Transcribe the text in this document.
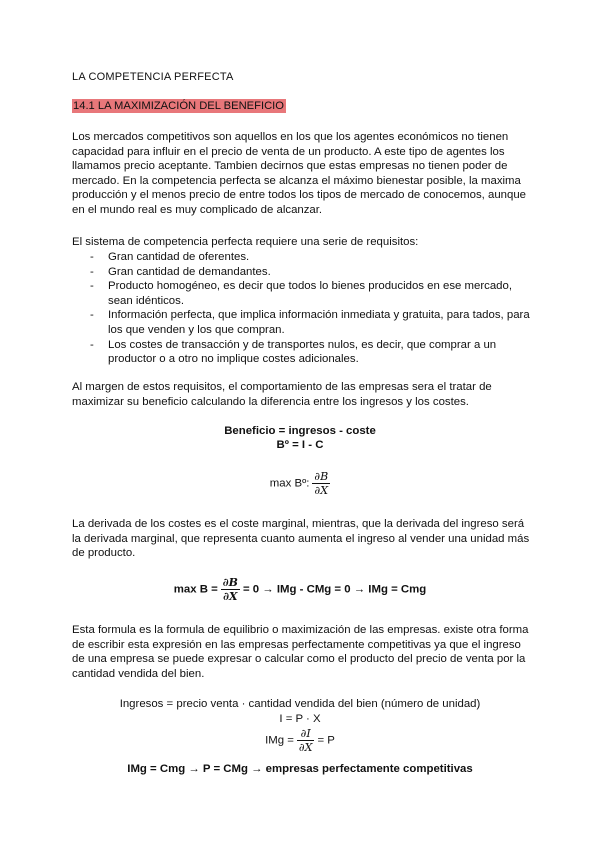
LA COMPETENCIA PERFECTA
14.1 LA MAXIMIZACIÓN DEL BENEFICIO
Los mercados competitivos son aquellos en los que los agentes económicos no tienen capacidad para influir en el precio de venta de un producto. A este tipo de agentes los llamamos precio aceptante. Tambien decirnos que estas empresas no tienen poder de mercado. En la competencia perfecta se alcanza el máximo bienestar posible, la maxima producción y el menos precio de entre todos los tipos de mercado de conocemos, aunque en el mundo real es muy complicado de alcanzar.
El sistema de competencia perfecta requiere una serie de requisitos:
- Gran cantidad de oferentes.
- Gran cantidad de demandantes.
- Producto homogéneo, es decir que todos lo bienes producidos en ese mercado, sean idénticos.
- Información perfecta, que implica información inmediata y gratuita, para tados, para los que venden y los que compran.
- Los costes de transacción y de transportes nulos, es decir, que comprar a un productor o a otro no implique costes adicionales.
Al margen de estos requisitos, el comportamiento de las empresas sera el tratar de maximizar su beneficio calculando la diferencia entre los ingresos y los costes.
Beneficio = ingresos - coste
Bº = I - C
max Bº: $\frac{\partial B}{\partial X}$
La derivada de los costes es el coste marginal, mientras, que la derivada del ingreso será la derivada marginal, que representa cuanto aumenta el ingreso al vender una unidad más de producto.
$\max B = \frac{\partial B}{\partial X} = 0$ → IMg - CMg = 0 → IMg = Cmg
Esta formula es la formula de equilibrio o maximización de las empresas. existe otra forma de escribir esta expresión en las empresas perfectamente competitivas ya que el ingreso de una empresa se puede expresar o calcular como el producto del precio de venta por la cantidad vendida del bien.
Ingresos = precio venta · cantidad vendida del bien (número de unidad)
I = P · X
IMg = $\frac{\partial I}{\partial X} = P$
IMg = Cmg → P = CMg → empresas perfectamente competitivas
